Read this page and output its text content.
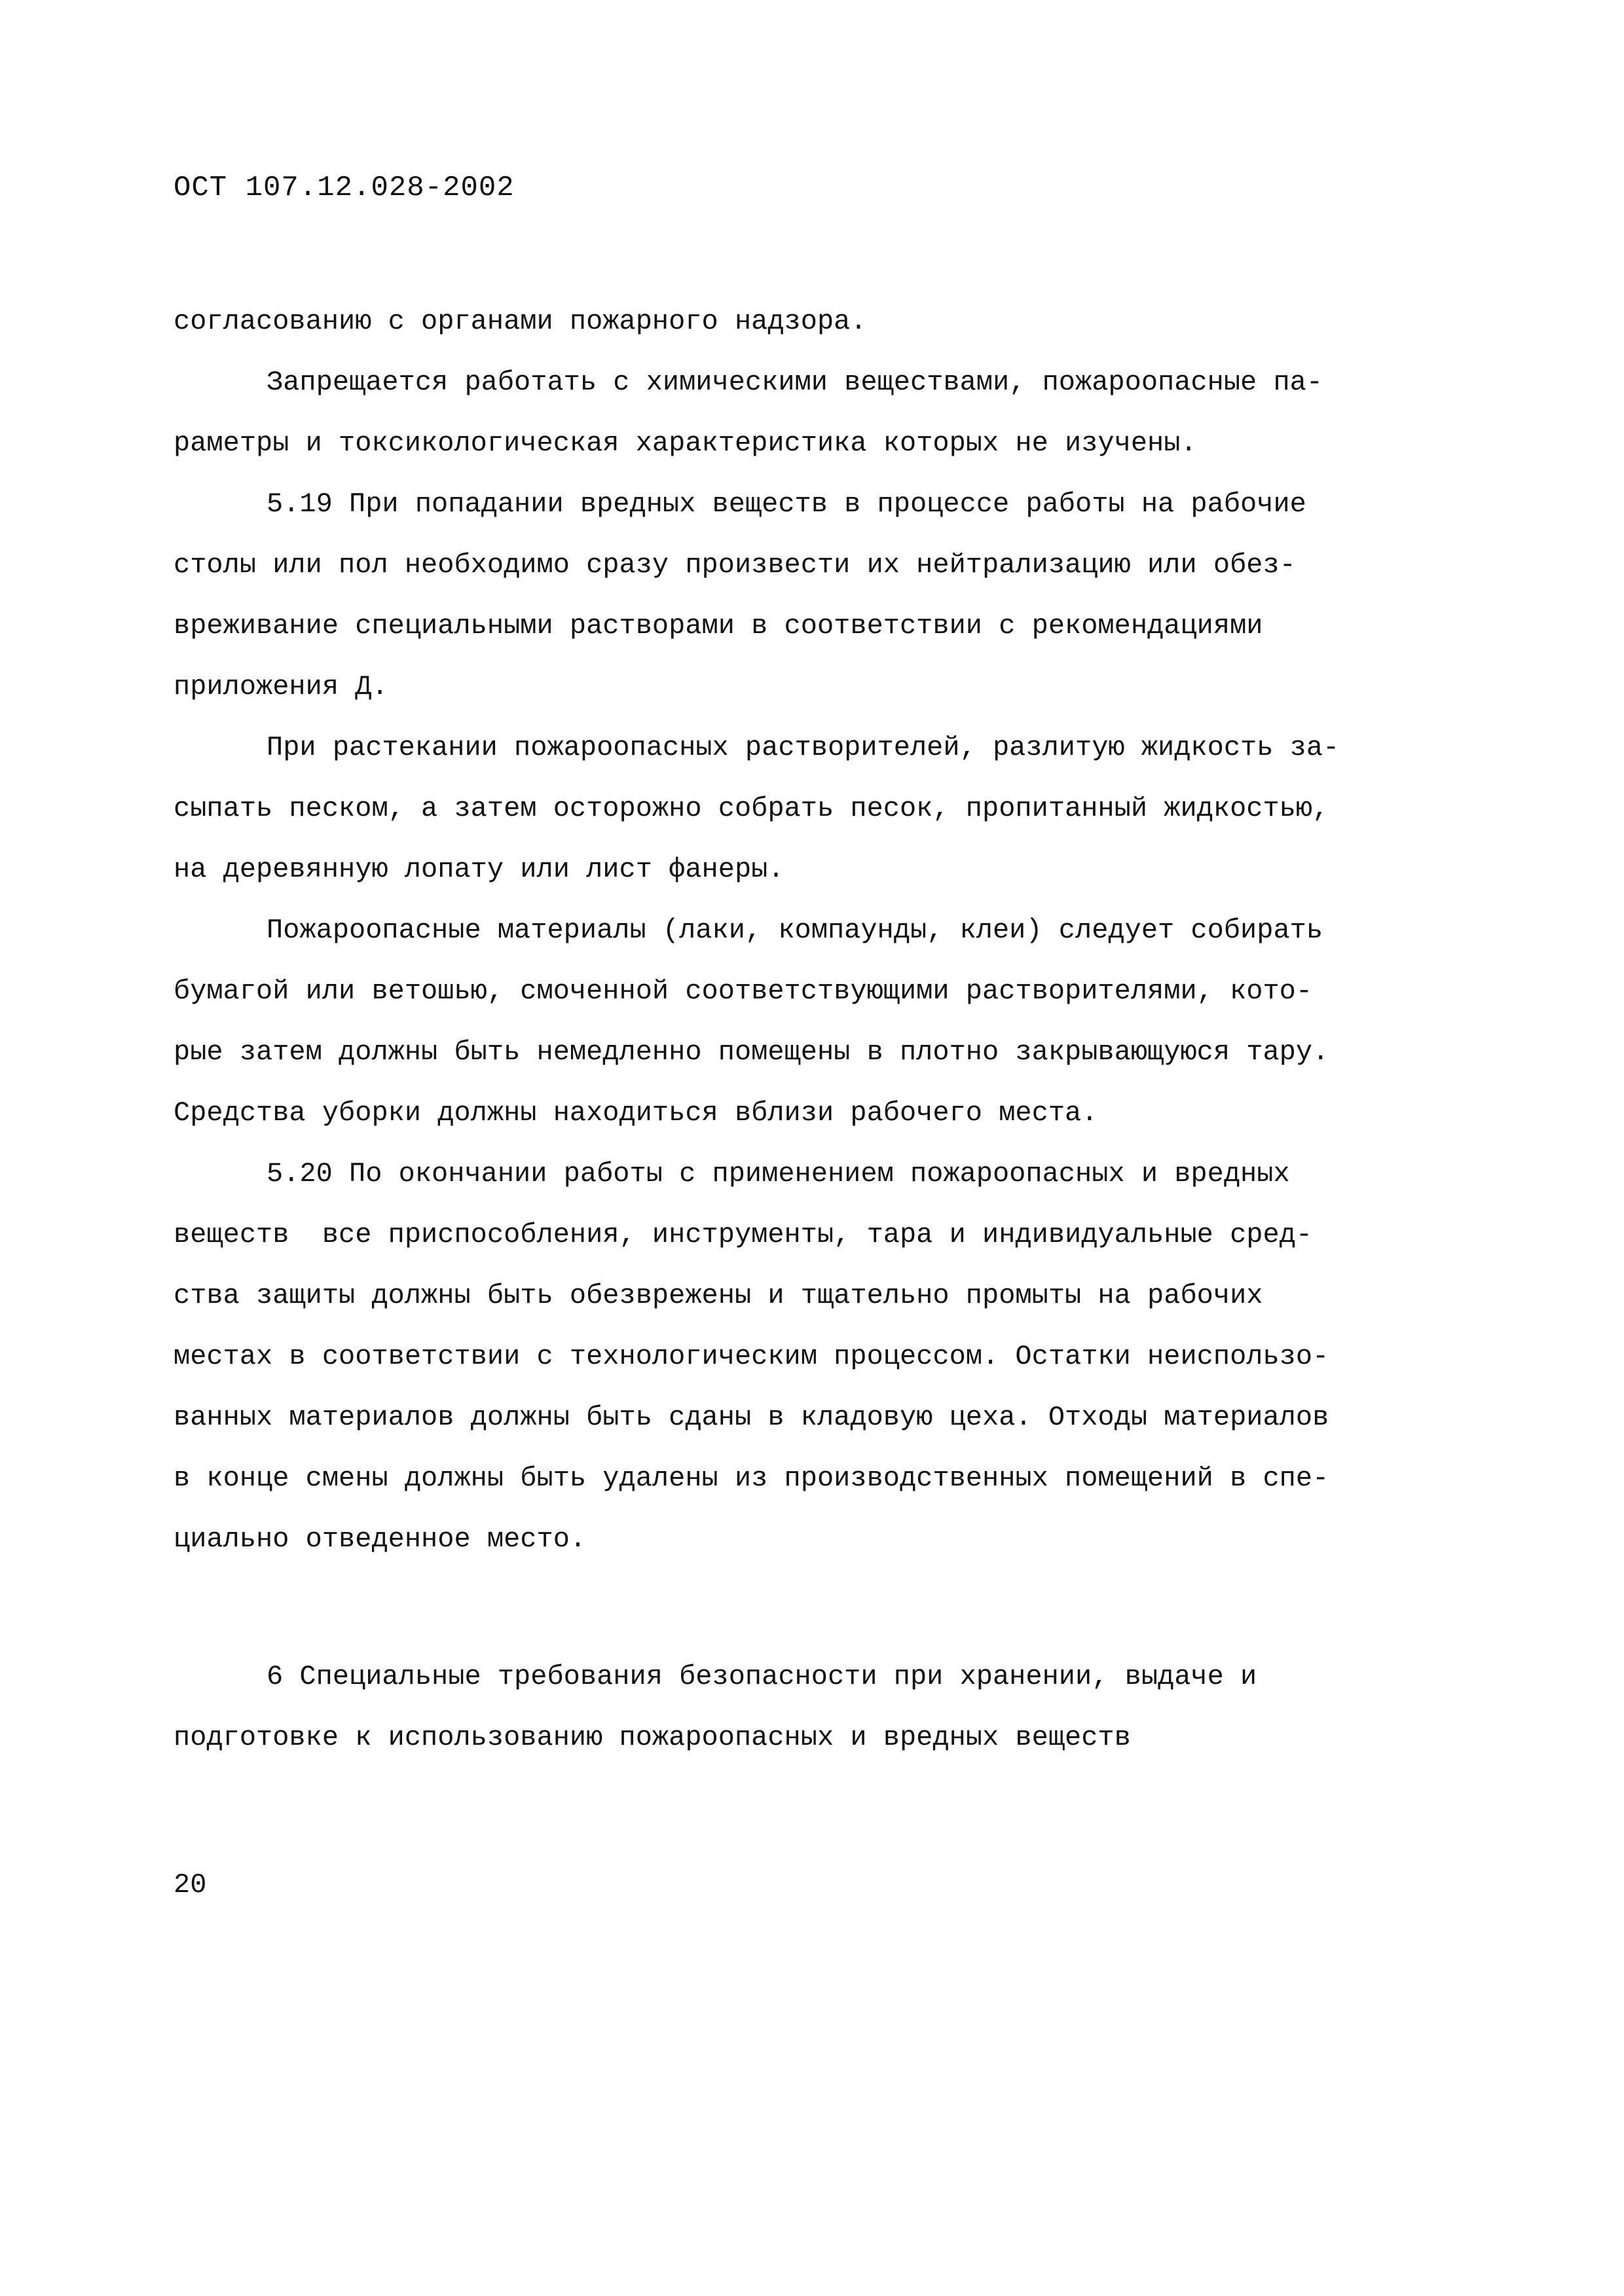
ОСТ 107.12.028-2002
согласованию с органами пожарного надзора.
Запрещается работать с химическими веществами, пожароопасные па-
раметры и токсикологическая характеристика которых не изучены.
5.19 При попадании вредных веществ в процессе работы на рабочие
столы или пол необходимо сразу произвести их нейтрализацию или обез-
вреживание специальными растворами в соответствии с рекомендациями
приложения Д.
При растекании пожароопасных растворителей, разлитую жидкость за-
сыпать песком, а затем осторожно собрать песок, пропитанный жидкостью,
на деревянную лопату или лист фанеры.
Пожароопасные материалы (лаки, компаунды, клеи) следует собирать
бумагой или ветошью, смоченной соответствующими растворителями, кото-
рые затем должны быть немедленно помещены в плотно закрывающуюся тару.
Средства уборки должны находиться вблизи рабочего места.
5.20 По окончании работы с применением пожароопасных и вредных
веществ  все приспособления, инструменты, тара и индивидуальные сред-
ства защиты должны быть обезврежены и тщательно промыты на рабочих
местах в соответствии с технологическим процессом. Остатки неиспользо-
ванных материалов должны быть сданы в кладовую цеха. Отходы материалов
в конце смены должны быть удалены из производственных помещений в спе-
циально отведенное место.
6 Специальные требования безопасности при хранении, выдаче и
подготовке к использованию пожароопасных и вредных веществ
20
